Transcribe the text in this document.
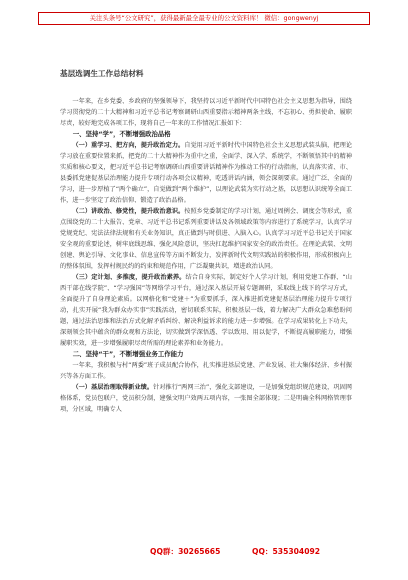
关注头条号“公文研究”，获得最新最全最专业的公文资料库！ 微信：gongwenyj
基层选调生工作总结材料

一年来，在乡党委、乡政府的坚强领导下，我坚持以习近平新时代中国特色社会主义思想为指导，围绕学习贯彻党的二十大精神和习近平总书记考察调研山西重要指示精神两条主线，不忘初心、勇担使命、履职尽责，较好地完成各项工作，现将自己一年来的工作情况汇报如下：

一、坚持“学”，不断增强政治品格

（一）重学习、把方向，提升政治定力。自觉用习近平新时代中国特色社会主义思想武装头脑，把理论学习放在重要位置来抓，把党的二十大精神作为重中之重，全面学、深入学、系统学，不断领悟其中的精神实质和核心要义，把习近平总书记考察调研山西重要讲话精神作为推动工作的行动指南，认真落实省、市、县委抓党建促基层治理能力提升专项行动各项会议精神，吃透讲话内涵，领会深刻要求。通过广泛、全面的学习，进一步厚植了“两个确立”，自觉做到“两个维护”，以理论武装为实行动之基，以思想认识统筹全面工作，进一步坚定了政治信仰、锻造了政治品格。

（二）讲政治、修党性，提升政治意识。按照乡党委制定的学习计划，通过周例会、调度会等形式，重点围绕党的二十大报告、党章、习近平总书记系列重要讲话及各领域政策等内容进行了系统学习，认真学习党规党纪、宪法法律法规和有关业务知识，真正做到与时俱进、入脑入心。认真学习习近平总书记关于国家安全观的重要论述，树牢底线思维、强化风险意识，坚决扛起维护国家安全的政治责任。在理论武装、文明创建、舆论引导、文化事业、信息宣传等方面不断发力，发挥新时代文明实践站的积极作用，形成积极向上的整体氛围，发挥村规民约的约束和规范作用，广泛凝聚共识，增进政治认同。

（三）定计划、多推度，提升政治素养。结合自身实际，制定好个人学习计划，利用党建工作群、“山西干部在线学院”、“学习强国”等网络学习平台，通过深入基层开展专题调研，采取线上线下的学习方式，全面提升了自身理论素质。以网格化和“党建＋”为重要抓手，深入推进抓党建促基层治理能力提升专项行动，扎实开展“我为群众办实事”实践活动，密切联系实际，积极基层一线，着力解决广大群众急难愁盼问题，通过法治思维和法治方式化解矛盾纠纷、解决利益诉求的能力进一步增强。在学习成果转化上下功夫，深刻领会其中蕴含的群众观和方法论，切实做到学深悟透、学以致用、用以促学，不断提高履职能力，增强履职实效，进一步增强履职尽责所需的理论素养和业务能力。

二、坚持“干”，不断增强业务工作能力

一年来，我积极与村“两委”班子成员配合协作，扎实推进基层党建、产业发展、社大集体经济、乡村振兴等各方面工作。

（一）基层治理取得新业绩。针对推行“两网三治”，强化支部建设，一是加强党组织规范建设，巩固网格体系，党员包联户，党员积分制，建强文明户效两五项内容，一张图全部体现；二是明确全科网格管理事项，分区域，明确专人

QQ群：30265665	QQ：535304092
